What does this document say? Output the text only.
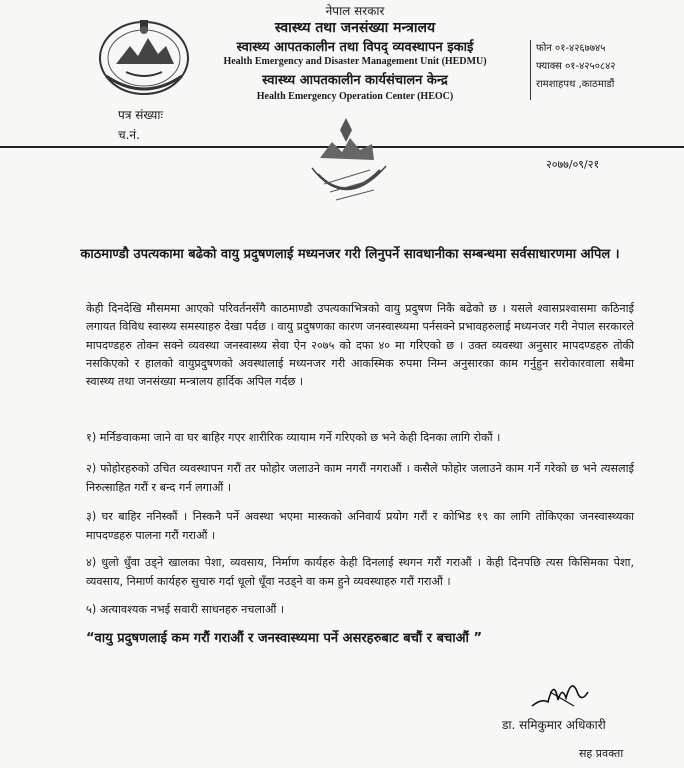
नेपाल सरकार
स्वास्थ्य तथा जनसंख्या मन्त्रालय
स्वास्थ्य आपतकालीन तथा विपद् व्यवस्थापन इकाई
Health Emergency and Disaster Management Unit (HEDMU)
स्वास्थ्य आपतकालीन कार्यसंचालन केन्द्र
Health Emergency Operation Center (HEOC)
फोन ०१-४२६७७४५
फ्याक्स ०१-४२५०८४२
रामशाहपथ ,काठमाडौं
पत्र संख्याः
च.नं.
२०७७/०९/२१
काठमाण्डौ उपत्यकामा बढेको वायु प्रदुषणलाई मध्यनजर गरी लिनुपर्ने सावधानीका सम्बन्धमा सर्वसाधारणमा अपिल ।
केही दिनदेखि मौसममा आएको परिवर्तनसँगै काठमाण्डौ उपत्यकाभित्रको वायु प्रदुषण निकै बढेको छ । यसले श्वासप्रश्वासमा कठिनाई लगायत विविध स्वास्थ्य समस्याहरु देखा पर्दछ । वायु प्रदुषणका कारण जनस्वास्थ्यमा पर्नसक्ने प्रभावहरुलाई मध्यनजर गरी नेपाल सरकारले मापदण्डहरु तोक्न सक्ने व्यवस्था जनस्वास्थ्य सेवा ऐन २०७५ को दफा ४० मा गरिएको छ । उक्त व्यवस्था अनुसार मापदण्डहरु तोकी नसकिएको र हालको वायुप्रदुषणको अवस्थालाई मध्यनजर गरी आकस्मिक रुपमा निम्न अनुसारका काम गर्नुहुन सरोकारवाला सबैमा स्वास्थ्य तथा जनसंख्या मन्त्रालय हार्दिक अपिल गर्दछ ।
१) मर्निङवाकमा जाने वा घर बाहिर गएर शारीरिक व्यायाम गर्ने गरिएको छ भने केही दिनका लागि रोकौं ।
२) फोहोरहरुको उचित व्यवस्थापन गरौं तर फोहोर जलाउने काम नगरौं नगराऔं । कसैले फोहोर जलाउने काम गर्ने गरेको छ भने त्यसलाई निरुत्साहित गरौं र बन्द गर्न लगाऔं ।
३) घर बाहिर ननिस्कौं । निस्कनै पर्ने अवस्था भएमा मास्कको अनिवार्य प्रयोग गरौं र कोभिड १९ का लागि तोकिएका जनस्वास्थ्यका मापदण्डहरु पालना गरौं गराऔं ।
४) धुलो धुँवा उड्ने खालका पेशा, व्यवसाय, निर्माण कार्यहरु केही दिनलाई स्थगन गरौं गराऔं । केही दिनपछि त्यस किसिमका पेशा, व्यवसाय, निमार्ण कार्यहरु सुचारु गर्दा धूलो धूँवा नउड्ने वा कम हुने व्यवस्थाहरु गरौं गराऔं ।
५) अत्यावश्यक नभई सवारी साधनहरु नचलाऔं ।
“वायु प्रदुषणलाई कम गरौं गराऔं र जनस्वास्थ्यमा पर्ने असरहरुबाट बचौं र बचाऔं ”
डा. समिकुमार अधिकारी
सह प्रवक्ता
